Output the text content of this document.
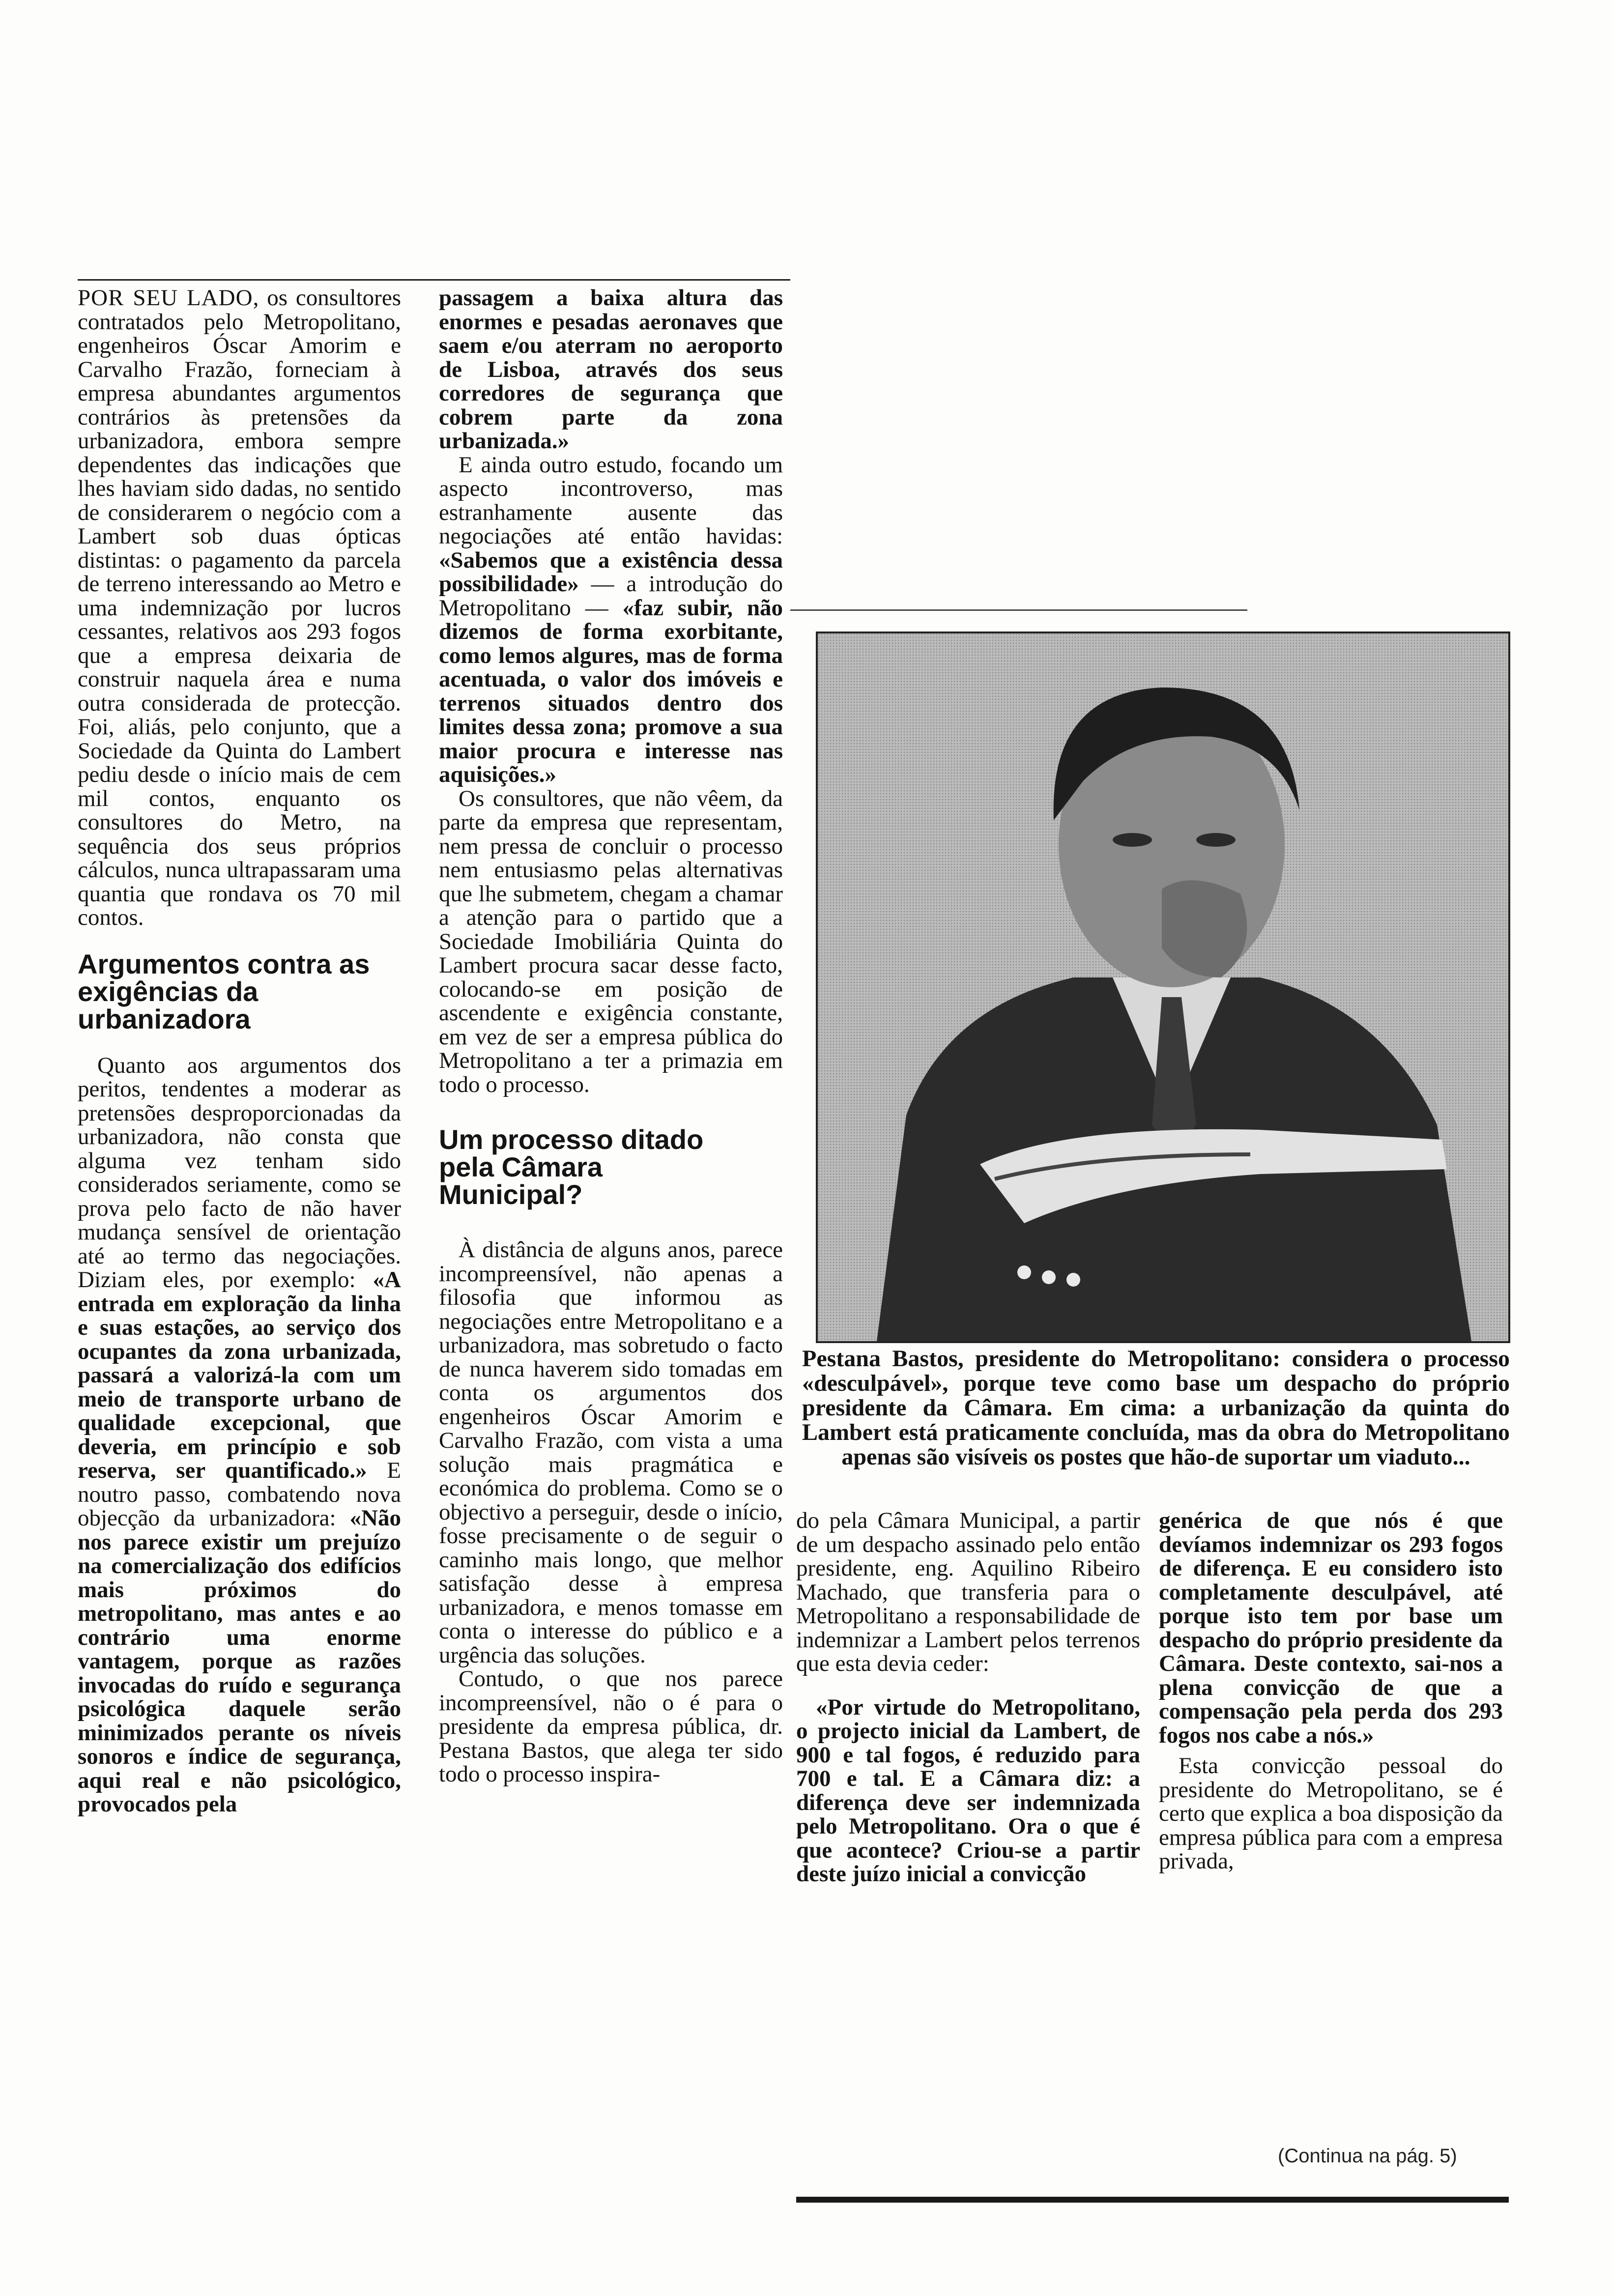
POR SEU LADO, os consultores contratados pelo Metropolitano, engenheiros Óscar Amorim e Carvalho Frazão, forneciam à empresa abundantes argumentos contrários às pretensões da urbanizadora, embora sempre dependentes das indicações que lhes haviam sido dadas, no sentido de considerarem o negócio com a Lambert sob duas ópticas distintas: o pagamento da parcela de terreno interessando ao Metro e uma indemnização por lucros cessantes, relativos aos 293 fogos que a empresa deixaria de construir naquela área e numa outra considerada de protecção. Foi, aliás, pelo conjunto, que a Sociedade da Quinta do Lambert pediu desde o início mais de cem mil contos, enquanto os consultores do Metro, na sequência dos seus próprios cálculos, nunca ultrapassaram uma quantia que rondava os 70 mil contos.

Argumentos contra as exigências da urbanizadora

Quanto aos argumentos dos peritos, tendentes a moderar as pretensões desproporcionadas da urbanizadora, não consta que alguma vez tenham sido considerados seriamente, como se prova pelo facto de não haver mudança sensível de orientação até ao termo das negociações. Diziam eles, por exemplo: «A entrada em exploração da linha e suas estações, ao serviço dos ocupantes da zona urbanizada, passará a valorizá-la com um meio de transporte urbano de qualidade excepcional, que deveria, em princípio e sob reserva, ser quantificado.» E noutro passo, combatendo nova objecção da urbanizadora: «Não nos parece existir um prejuízo na comercialização dos edifícios mais próximos do metropolitano, mas antes e ao contrário uma enorme vantagem, porque as razões invocadas do ruído e segurança psicológica daquele serão minimizados perante os níveis sonoros e índice de segurança, aqui real e não psicológico, provocados pela

passagem a baixa altura das enormes e pesadas aeronaves que saem e/ou aterram no aeroporto de Lisboa, através dos seus corredores de segurança que cobrem parte da zona urbanizada.»

E ainda outro estudo, focando um aspecto incontroverso, mas estranhamente ausente das negociações até então havidas: «Sabemos que a existência dessa possibilidade» — a introdução do Metropolitano — «faz subir, não dizemos de forma exorbitante, como lemos algures, mas de forma acentuada, o valor dos imóveis e terrenos situados dentro dos limites dessa zona; promove a sua maior procura e interesse nas aquisições.»

Os consultores, que não vêem, da parte da empresa que representam, nem pressa de concluir o processo nem entusiasmo pelas alternativas que lhe submetem, chegam a chamar a atenção para o partido que a Sociedade Imobiliária Quinta do Lambert procura sacar desse facto, colocando-se em posição de ascendente e exigência constante, em vez de ser a empresa pública do Metropolitano a ter a primazia em todo o processo.

Um processo ditado pela Câmara Municipal?

À distância de alguns anos, parece incompreensível, não apenas a filosofia que informou as negociações entre Metropolitano e a urbanizadora, mas sobretudo o facto de nunca haverem sido tomadas em conta os argumentos dos engenheiros Óscar Amorim e Carvalho Frazão, com vista a uma solução mais pragmática e económica do problema. Como se o objectivo a perseguir, desde o início, fosse precisamente o de seguir o caminho mais longo, que melhor satisfação desse à empresa urbanizadora, e menos tomasse em conta o interesse do público e a urgência das soluções.

Contudo, o que nos parece incompreensível, não o é para o presidente da empresa pública, dr. Pestana Bastos, que alega ter sido todo o processo inspira-

Pestana Bastos, presidente do Metropolitano: considera o processo «desculpável», porque teve como base um despacho do próprio presidente da Câmara. Em cima: a urbanização da quinta do Lambert está praticamente concluída, mas da obra do Metropolitano apenas são visíveis os postes que hão-de suportar um viaduto...

do pela Câmara Municipal, a partir de um despacho assinado pelo então presidente, eng. Aquilino Ribeiro Machado, que transferia para o Metropolitano a responsabilidade de indemnizar a Lambert pelos terrenos que esta devia ceder:

«Por virtude do Metropolitano, o projecto inicial da Lambert, de 900 e tal fogos, é reduzido para 700 e tal. E a Câmara diz: a diferença deve ser indemnizada pelo Metropolitano. Ora o que é que acontece? Criou-se a partir deste juízo inicial a convicção

genérica de que nós é que devíamos indemnizar os 293 fogos de diferença. E eu considero isto completamente desculpável, até porque isto tem por base um despacho do próprio presidente da Câmara. Deste contexto, sai-nos a plena convicção de que a compensação pela perda dos 293 fogos nos cabe a nós.»

Esta convicção pessoal do presidente do Metropolitano, se é certo que explica a boa disposição da empresa pública para com a empresa privada,

(Continua na pág. 5)
